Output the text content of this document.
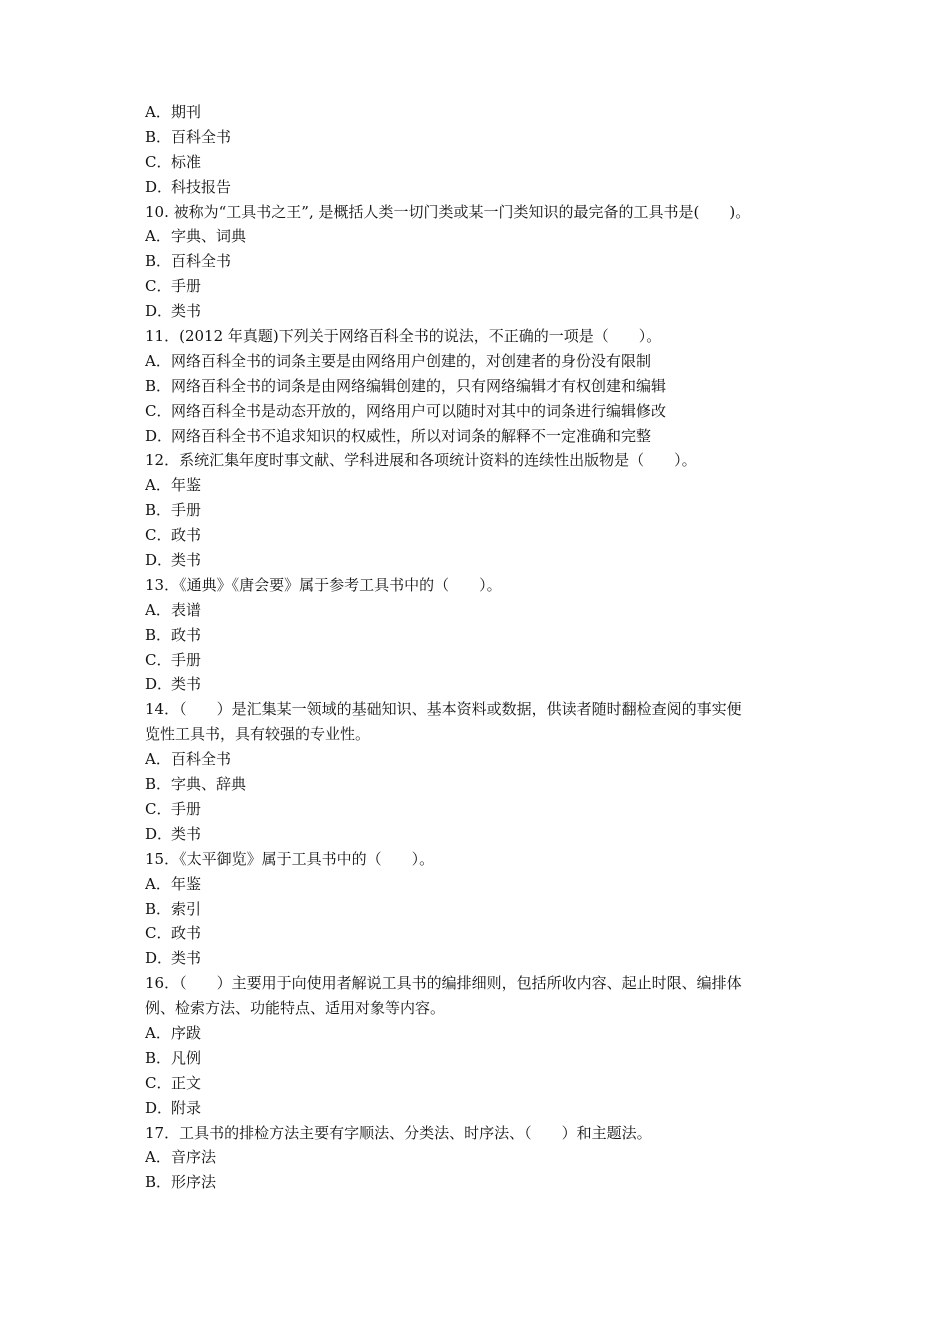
A．期刊
B．百科全书
C．标准
D．科技报告
10. 被称为“工具书之王”, 是概括人类一切门类或某一门类知识的最完备的工具书是(　　)。
A．字典、词典
B．百科全书
C．手册
D．类书
11．(2012 年真题)下列关于网络百科全书的说法，不正确的一项是（　　）。
A．网络百科全书的词条主要是由网络用户创建的，对创建者的身份没有限制
B．网络百科全书的词条是由网络编辑创建的，只有网络编辑才有权创建和编辑
C．网络百科全书是动态开放的，网络用户可以随时对其中的词条进行编辑修改
D．网络百科全书不追求知识的权威性，所以对词条的解释不一定准确和完整
12．系统汇集年度时事文献、学科进展和各项统计资料的连续性出版物是（　　）。
A．年鉴
B．手册
C．政书
D．类书
13．《通典》《唐会要》属于参考工具书中的（　　）。
A．表谱
B．政书
C．手册
D．类书
14．（　　）是汇集某一领域的基础知识、基本资料或数据，供读者随时翻检查阅的事实便
览性工具书，具有较强的专业性。
A．百科全书
B．字典、辞典
C．手册
D．类书
15．《太平御览》属于工具书中的（　　）。
A．年鉴
B．索引
C．政书
D．类书
16．（　　）主要用于向使用者解说工具书的编排细则，包括所收内容、起止时限、编排体
例、检索方法、功能特点、适用对象等内容。
A．序跋
B．凡例
C．正文
D．附录
17．工具书的排检方法主要有字顺法、分类法、时序法、（　　）和主题法。
A．音序法
B．形序法
